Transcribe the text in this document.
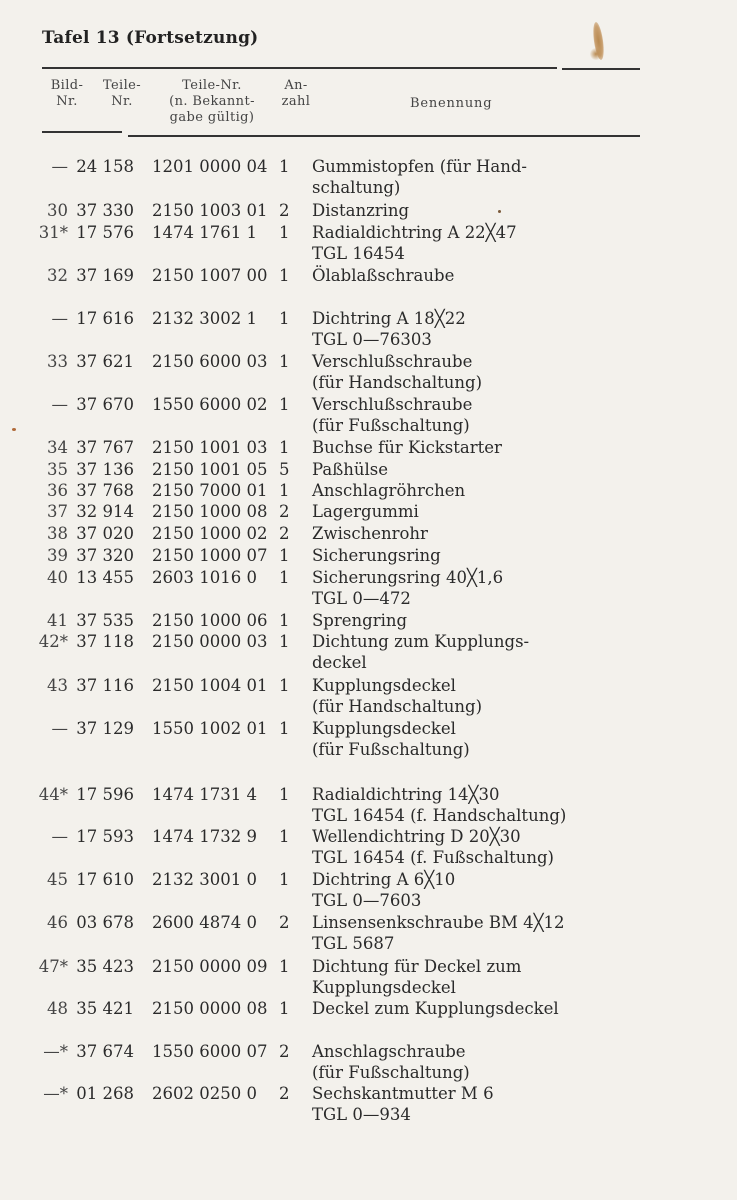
Tafel 13 (Fortsetzung)
Bild-
Nr.
Teile-
Nr.
Teile-Nr.
(n. Bekannt-
gabe gültig)
An-
zahl	Benennung
— 24 158 1201 0000 04 1 Gummistopfen (für Hand-
schaltung)
30 37 330 2150 1003 01 2 Distanzring
31* 17 576 1474 1761 1 1 Radialdichtring A 22╳47
TGL 16454
32 37 169 2150 1007 00 1 Ölablaßschraube
— 17 616 2132 3002 1 1 Dichtring A 18╳22
TGL 0—76303
33 37 621 2150 6000 03 1 Verschlußschraube
(für Handschaltung)
— 37 670 1550 6000 02 1 Verschlußschraube
(für Fußschaltung)
34 37 767 2150 1001 03 1 Buchse für Kickstarter
35 37 136 2150 1001 05 5 Paßhülse
36 37 768 2150 7000 01 1 Anschlagröhrchen
37 32 914 2150 1000 08 2 Lagergummi
38 37 020 2150 1000 02 2 Zwischenrohr
39 37 320 2150 1000 07 1 Sicherungsring
40 13 455 2603 1016 0 1 Sicherungsring 40╳1,6
TGL 0—472
41 37 535 2150 1000 06 1 Sprengring
42* 37 118 2150 0000 03 1 Dichtung zum Kupplungs-
deckel
43 37 116 2150 1004 01 1 Kupplungsdeckel
(für Handschaltung)
— 37 129 1550 1002 01 1 Kupplungsdeckel
(für Fußschaltung)
44* 17 596 1474 1731 4 1 Radialdichtring 14╳30
TGL 16454 (f. Handschaltung)
— 17 593 1474 1732 9 1 Wellendichtring D 20╳30
TGL 16454 (f. Fußschaltung)
45 17 610 2132 3001 0 1 Dichtring A 6╳10
TGL 0—7603
46 03 678 2600 4874 0 2 Linsensenkschraube BM 4╳12
TGL 5687
47* 35 423 2150 0000 09 1 Dichtung für Deckel zum
Kupplungsdeckel
48 35 421 2150 0000 08 1 Deckel zum Kupplungsdeckel
—* 37 674 1550 6000 07 2 Anschlagschraube
(für Fußschaltung)
—* 01 268 2602 0250 0 2 Sechskantmutter M 6
TGL 0—934
